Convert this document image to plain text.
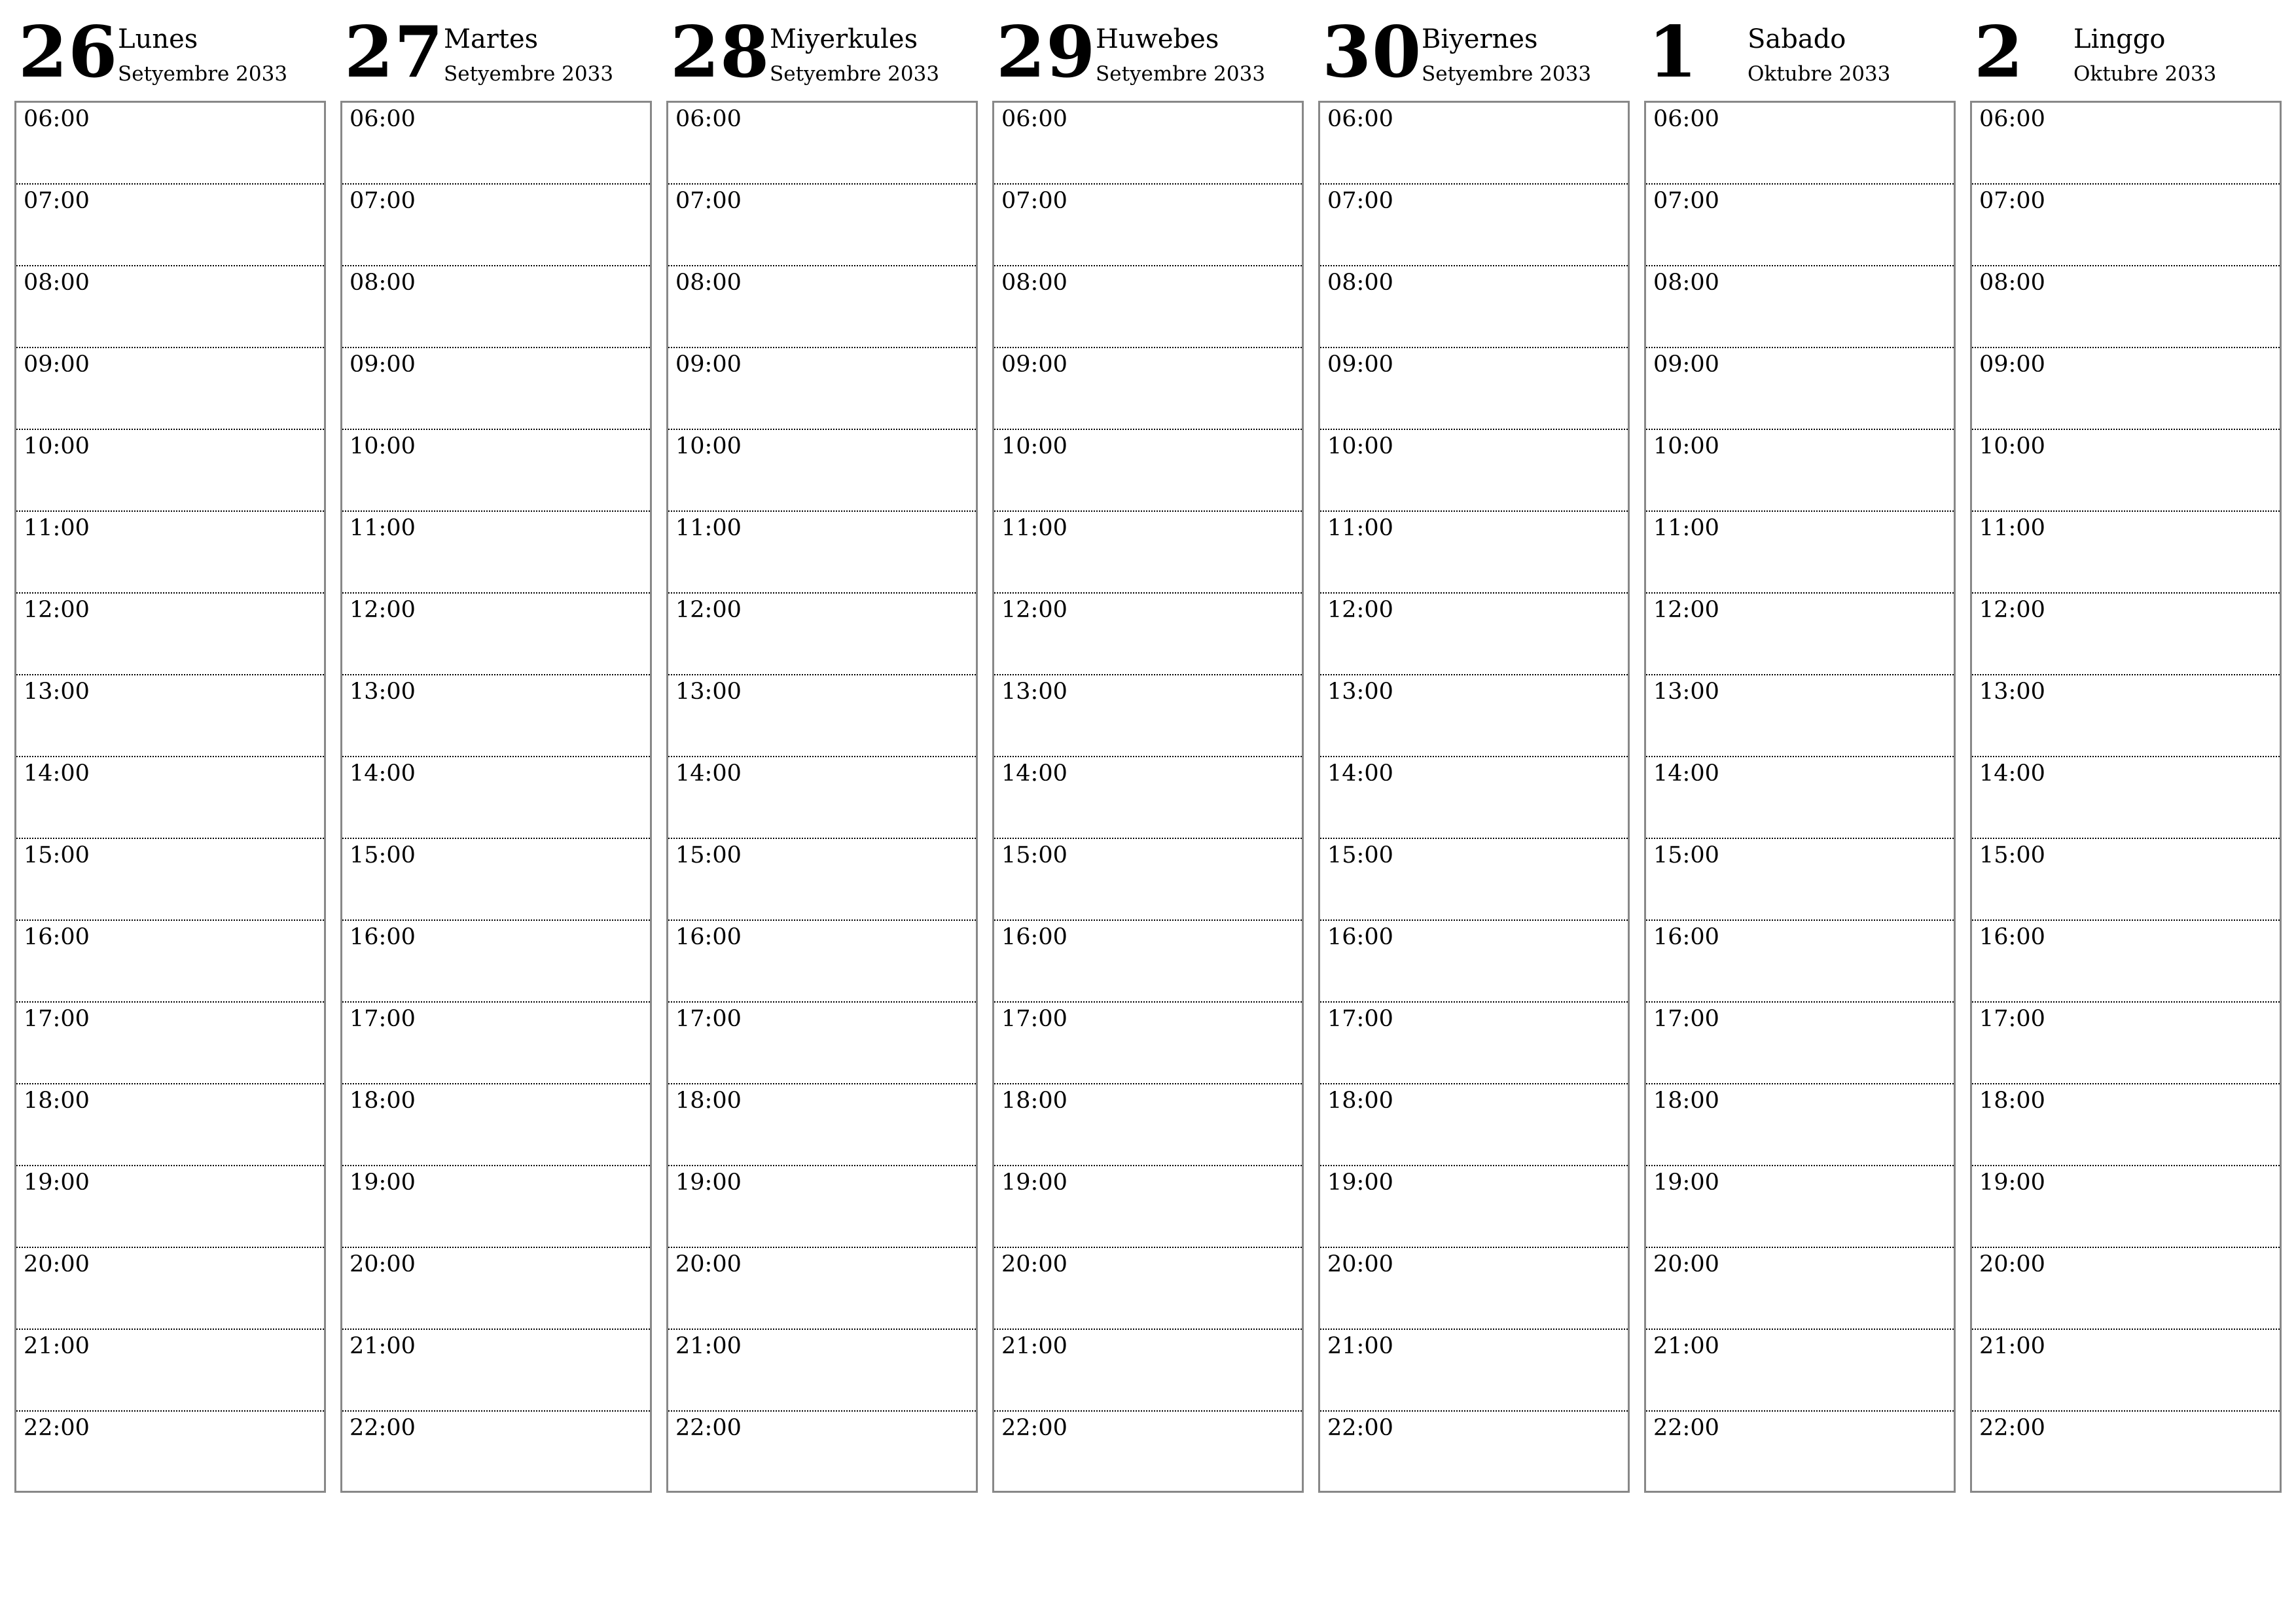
26 Lunes
Setyembre 2033
06:00
07:00
08:00
09:00
10:00
11:00
12:00
13:00
14:00
15:00
16:00
17:00
18:00
19:00
20:00
21:00
22:00
27 Martes
Setyembre 2033
06:00
07:00
08:00
09:00
10:00
11:00
12:00
13:00
14:00
15:00
16:00
17:00
18:00
19:00
20:00
21:00
22:00
28 Miyerkules
Setyembre 2033
06:00
07:00
08:00
09:00
10:00
11:00
12:00
13:00
14:00
15:00
16:00
17:00
18:00
19:00
20:00
21:00
22:00
29 Huwebes
Setyembre 2033
06:00
07:00
08:00
09:00
10:00
11:00
12:00
13:00
14:00
15:00
16:00
17:00
18:00
19:00
20:00
21:00
22:00
30 Biyernes
Setyembre 2033
06:00
07:00
08:00
09:00
10:00
11:00
12:00
13:00
14:00
15:00
16:00
17:00
18:00
19:00
20:00
21:00
22:00
1 Sabado
Oktubre 2033
06:00
07:00
08:00
09:00
10:00
11:00
12:00
13:00
14:00
15:00
16:00
17:00
18:00
19:00
20:00
21:00
22:00
2 Linggo
Oktubre 2033
06:00
07:00
08:00
09:00
10:00
11:00
12:00
13:00
14:00
15:00
16:00
17:00
18:00
19:00
20:00
21:00
22:00
